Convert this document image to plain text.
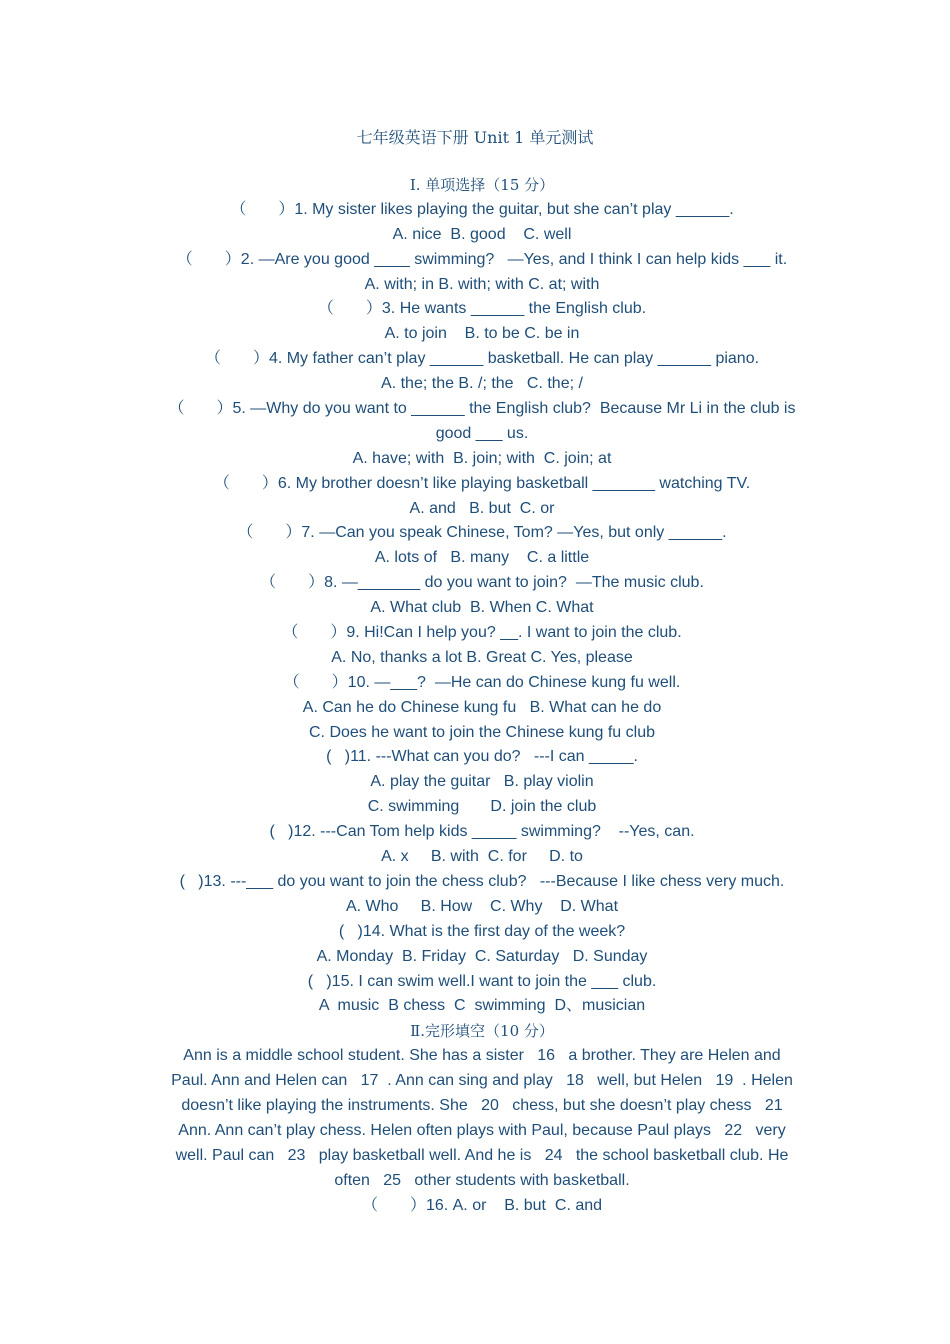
七年级英语下册 Unit 1 单元测试
Ⅰ. 单项选择（15 分）
（　　）1. My sister likes playing the guitar, but she can’t play ______.
A. nice  B. good    C. well
（　　）2. —Are you good ____ swimming?   —Yes, and I think I can help kids ___ it.
A. with; in B. with; with C. at; with
（　　）3. He wants ______ the English club.
A. to join    B. to be C. be in
（　　）4. My father can’t play ______ basketball. He can play ______ piano.
A. the; the B. /; the   C. the; /
（　　）5. —Why do you want to ______ the English club?  Because Mr Li in the club is
good ___ us.
A. have; with  B. join; with  C. join; at
（　　）6. My brother doesn’t like playing basketball _______ watching TV.
A. and   B. but  C. or
（　　）7. —Can you speak Chinese, Tom? —Yes, but only ______.
A. lots of   B. many    C. a little
（　　）8. —_______ do you want to join?  —The music club.
A. What club  B. When C. What
（　　）9. Hi!Can I help you? __. I want to join the club.
A. No, thanks a lot B. Great C. Yes, please
（　　）10. —___?  —He can do Chinese kung fu well.
A. Can he do Chinese kung fu   B. What can he do
C. Does he want to join the Chinese kung fu club
(   )11. ---What can you do?   ---I can _____.
A. play the guitar   B. play violin
C. swimming       D. join the club
(   )12. ---Can Tom help kids _____ swimming?    --Yes, can.
A. x     B. with  C. for     D. to
(   )13. ---___ do you want to join the chess club?   ---Because I like chess very much.
A. Who     B. How    C. Why    D. What
(   )14. What is the first day of the week?
A. Monday  B. Friday  C. Saturday   D. Sunday
(   )15. I can swim well.I want to join the ___ club.
A  music  B chess  C  swimming  D、musician
Ⅱ.完形填空（10 分）
Ann is a middle school student. She has a sister   16   a brother. They are Helen and
Paul. Ann and Helen can   17  . Ann can sing and play   18   well, but Helen   19  . Helen
doesn’t like playing the instruments. She   20   chess, but she doesn’t play chess   21
Ann. Ann can’t play chess. Helen often plays with Paul, because Paul plays   22   very
well. Paul can   23   play basketball well. And he is   24   the school basketball club. He
often   25   other students with basketball.
（　　）16. A. or    B. but  C. and
